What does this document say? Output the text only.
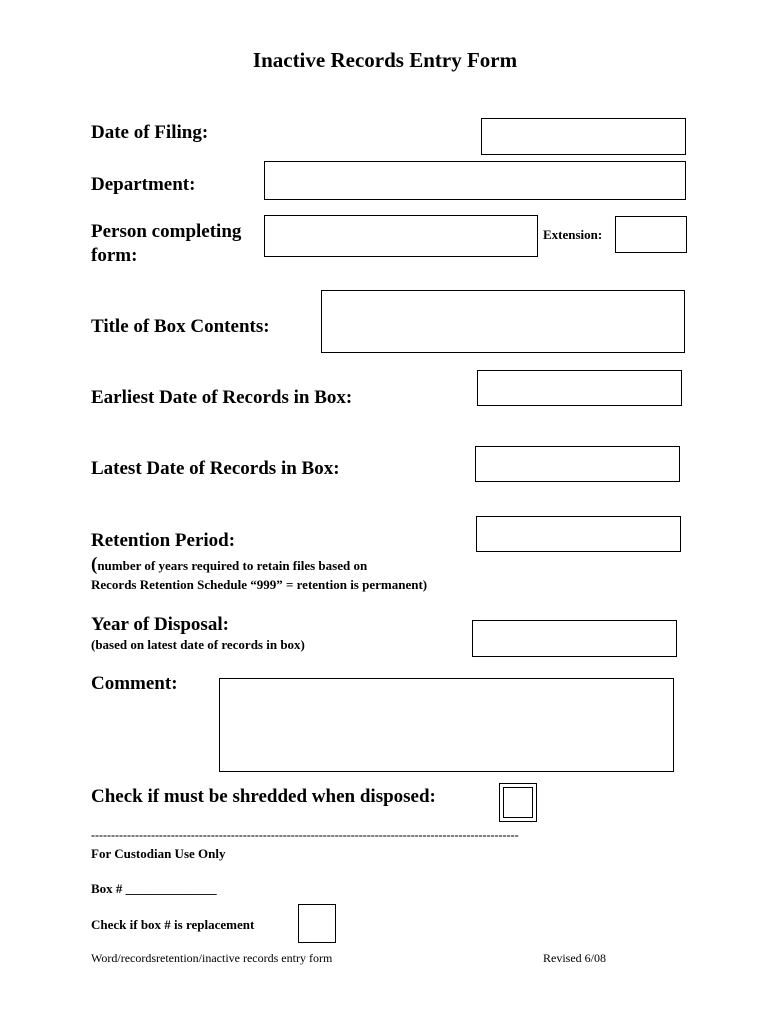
Inactive Records Entry Form
Date of Filing:
Department:
Person completing
form:
Extension:
Title of Box Contents:
Earliest Date of Records in Box:
Latest Date of Records in Box:
Retention Period:
(number of years required to retain files based on
Records Retention Schedule “999” = retention is permanent)
Year of Disposal:
(based on latest date of records in box)
Comment:
Check if must be shredded when disposed:
-----------------------------------------------------------------------------------------------------------
For Custodian Use Only
Box # ______________
Check if box # is replacement
Word/recordsretention/inactive records entry form	Revised 6/08
